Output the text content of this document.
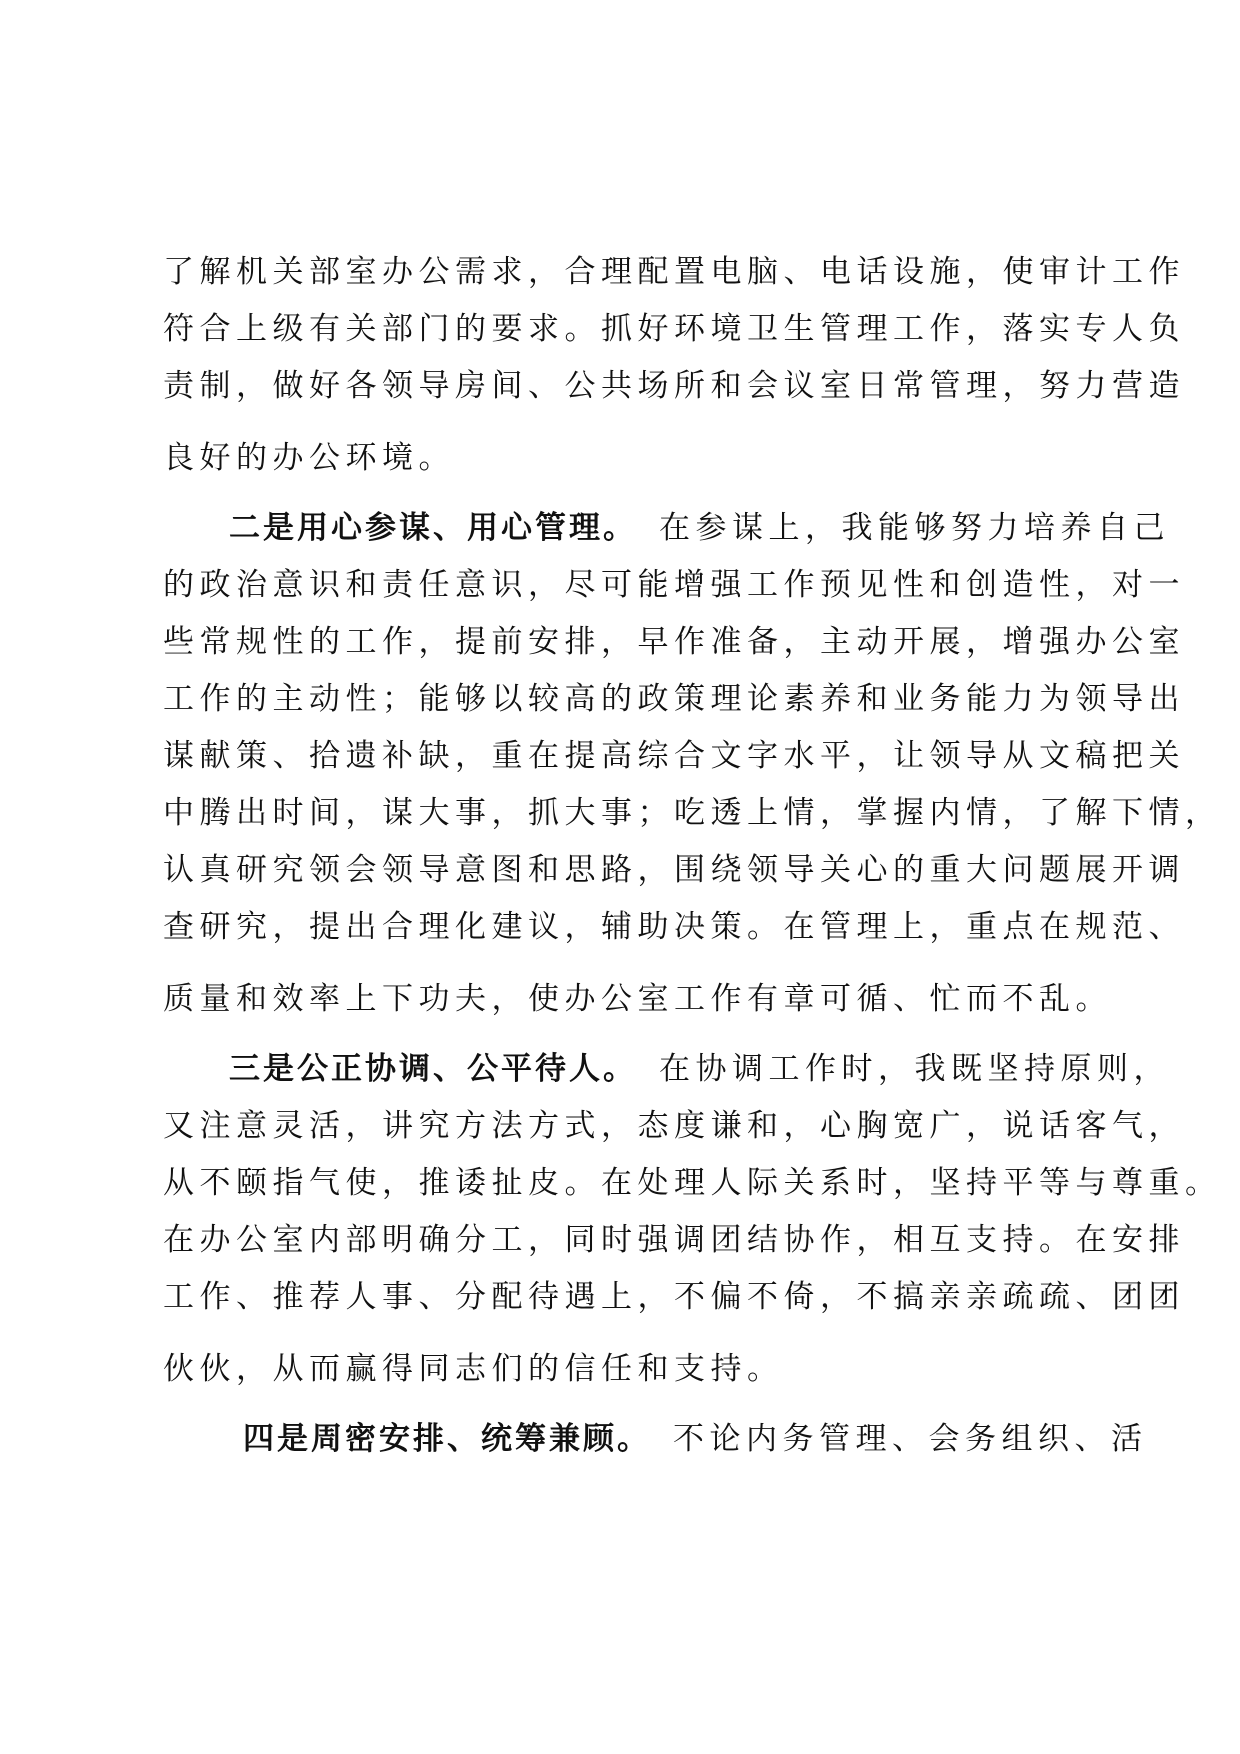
了解机关部室办公需求，合理配置电脑、电话设施，使审计工作
符合上级有关部门的要求。抓好环境卫生管理工作，落实专人负
责制，做好各领导房间、公共场所和会议室日常管理，努力营造
良好的办公环境。
二是用心参谋、用心管理。 在参谋上，我能够努力培养自己
的政治意识和责任意识，尽可能增强工作预见性和创造性，对一
些常规性的工作，提前安排，早作准备，主动开展，增强办公室
工作的主动性；能够以较高的政策理论素养和业务能力为领导出
谋献策、拾遗补缺，重在提高综合文字水平，让领导从文稿把关
中腾出时间，谋大事，抓大事；吃透上情，掌握内情，了解下情，
认真研究领会领导意图和思路，围绕领导关心的重大问题展开调
查研究，提出合理化建议，辅助决策。在管理上，重点在规范、
质量和效率上下功夫，使办公室工作有章可循、忙而不乱。
三是公正协调、公平待人。 在协调工作时，我既坚持原则，
又注意灵活，讲究方法方式，态度谦和，心胸宽广，说话客气，
从不颐指气使，推诿扯皮。在处理人际关系时，坚持平等与尊重。
在办公室内部明确分工，同时强调团结协作，相互支持。在安排
工作、推荐人事、分配待遇上，不偏不倚，不搞亲亲疏疏、团团
伙伙，从而赢得同志们的信任和支持。
四是周密安排、统筹兼顾。 不论内务管理、会务组织、活
